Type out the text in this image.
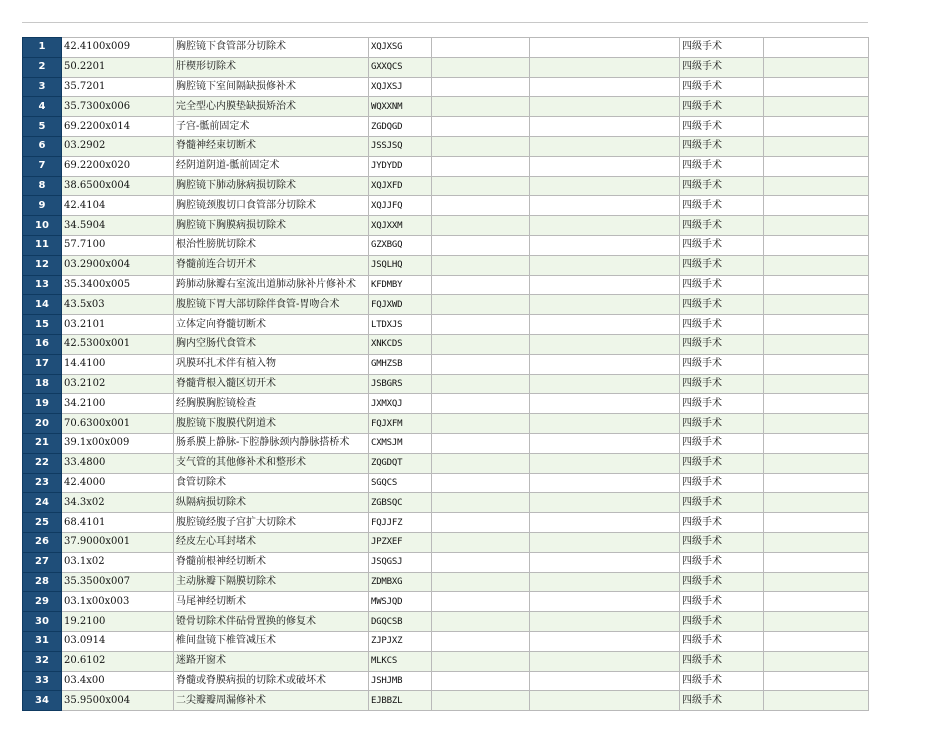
1	42.4100x009	胸腔镜下食管部分切除术	XQJXSG			四级手术	
2	50.2201	肝楔形切除术	GXXQCS			四级手术	
3	35.7201	胸腔镜下室间隔缺损修补术	XQJXSJ			四级手术	
4	35.7300x006	完全型心内膜垫缺损矫治术	WQXXNM			四级手术	
5	69.2200x014	子宫-骶前固定术	ZGDQGD			四级手术	
6	03.2902	脊髓神经束切断术	JSSJSQ			四级手术	
7	69.2200x020	经阴道阴道-骶前固定术	JYDYDD			四级手术	
8	38.6500x004	胸腔镜下肺动脉病损切除术	XQJXFD			四级手术	
9	42.4104	胸腔镜颈腹切口食管部分切除术	XQJJFQ			四级手术	
10	34.5904	胸腔镜下胸膜病损切除术	XQJXXM			四级手术	
11	57.7100	根治性膀胱切除术	GZXBGQ			四级手术	
12	03.2900x004	脊髓前连合切开术	JSQLHQ			四级手术	
13	35.3400x005	跨肺动脉瓣右室流出道肺动脉补片修补术	KFDMBY			四级手术	
14	43.5x03	腹腔镜下胃大部切除伴食管-胃吻合术	FQJXWD			四级手术	
15	03.2101	立体定向脊髓切断术	LTDXJS			四级手术	
16	42.5300x001	胸内空肠代食管术	XNKCDS			四级手术	
17	14.4100	巩膜环扎术伴有植入物	GMHZSB			四级手术	
18	03.2102	脊髓背根入髓区切开术	JSBGRS			四级手术	
19	34.2100	经胸膜胸腔镜检查	JXMXQJ			四级手术	
20	70.6300x001	腹腔镜下腹膜代阴道术	FQJXFM			四级手术	
21	39.1x00x009	肠系膜上静脉-下腔静脉颈内静脉搭桥术	CXMSJM			四级手术	
22	33.4800	支气管的其他修补术和整形术	ZQGDQT			四级手术	
23	42.4000	食管切除术	SGQCS			四级手术	
24	34.3x02	纵隔病损切除术	ZGBSQC			四级手术	
25	68.4101	腹腔镜经腹子宫扩大切除术	FQJJFZ			四级手术	
26	37.9000x001	经皮左心耳封堵术	JPZXEF			四级手术	
27	03.1x02	脊髓前根神经切断术	JSQGSJ			四级手术	
28	35.3500x007	主动脉瓣下隔膜切除术	ZDMBXG			四级手术	
29	03.1x00x003	马尾神经切断术	MWSJQD			四级手术	
30	19.2100	镫骨切除术伴砧骨置换的修复术	DGQCSB			四级手术	
31	03.0914	椎间盘镜下椎管减压术	ZJPJXZ			四级手术	
32	20.6102	迷路开窗术	MLKCS			四级手术	
33	03.4x00	脊髓或脊膜病损的切除术或破坏术	JSHJMB			四级手术	
34	35.9500x004	二尖瓣瓣周漏修补术	EJBBZL			四级手术	
